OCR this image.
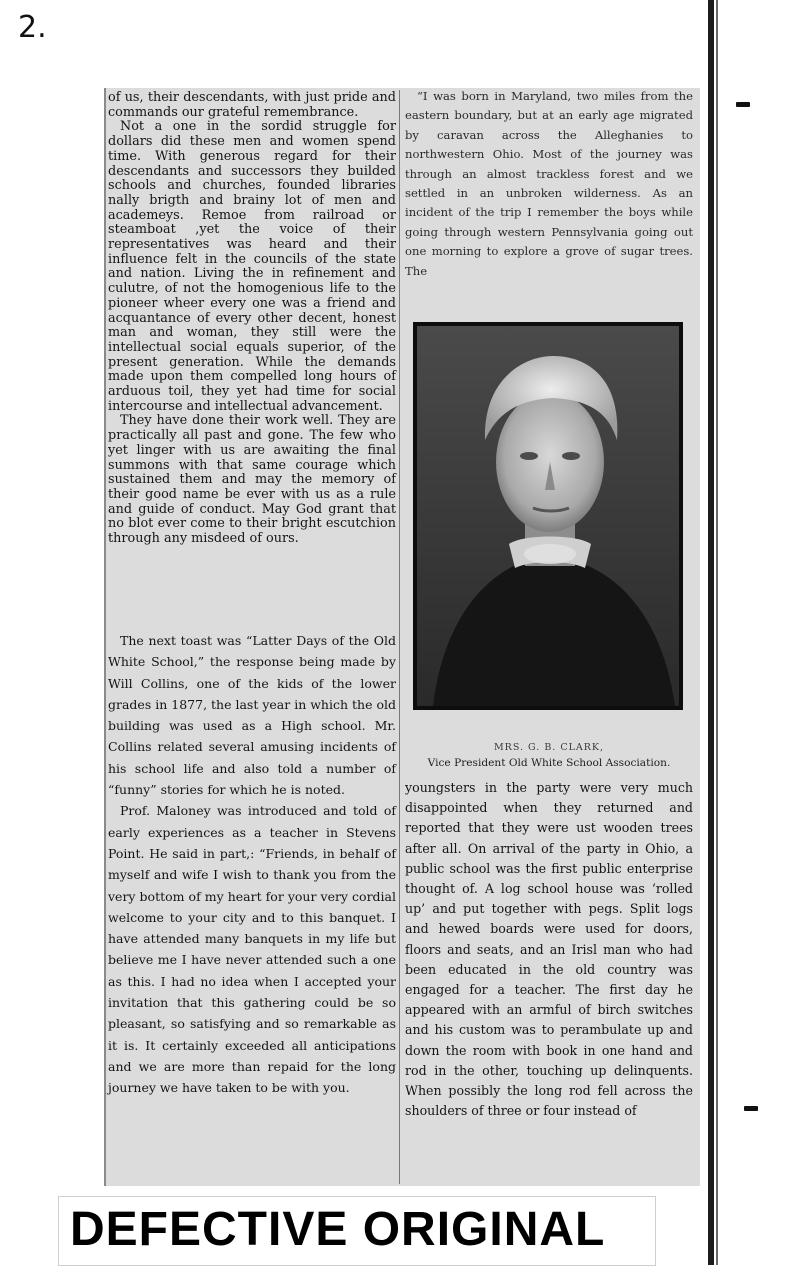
2.

of us, their descendants, with just pride and commands our grateful remembrance.

Not a one in the sordid struggle for dollars did these men and women spend time. With generous regard for their descendants and successors they builded schools and churches, founded libraries nally brigth and brainy lot of men and academeys. Remoe from railroad or steamboat ,yet the voice of their representatives was heard and their influence felt in the councils of the state and nation. Living the in refinement and culutre, of not the homogenious life to the pioneer wheer every one was a friend and acquantance of every other decent, honest man and woman, they still were the intellectual social equals superior, of the present generation. While the demands made upon them compelled long hours of arduous toil, they yet had time for social intercourse and intellectual advancement.

They have done their work well. They are practically all past and gone. The few who yet linger with us are awaiting the final summons with that same courage which sustained them and may the memory of their good name be ever with us as a rule and guide of conduct. May God grant that no blot ever come to their bright escutchion through any misdeed of ours.

The next toast was “Latter Days of the Old White School,” the response being made by Will Collins, one of the kids of the lower grades in 1877, the last year in which the old building was used as a High school. Mr. Collins related several amusing incidents of his school life and also told a number of “funny” stories for which he is noted.

Prof. Maloney was introduced and told of early experiences as a teacher in Stevens Point. He said in part,: “Friends, in behalf of myself and wife I wish to thank you from the very bottom of my heart for your very cordial welcome to your city and to this banquet. I have attended many banquets in my life but believe me I have never attended such a one as this. I had no idea when I accepted your invitation that this gathering could be so pleasant, so satisfying and so remarkable as it is. It certainly exceeded all anticipations and we are more than repaid for the long journey we have taken to be with you.

“I was born in Maryland, two miles from the eastern boundary, but at an early age migrated by caravan across the Alleghanies to northwestern Ohio. Most of the journey was through an almost trackless forest and we settled in an unbroken wilderness. As an incident of the trip I remember the boys while going through western Pennsylvania going out one morning to explore a grove of sugar trees. The

MRS. G. B. CLARK,
Vice President Old White School Association.

youngsters in the party were very much disappointed when they returned and reported that they were ust wooden trees after all. On arrival of the party in Ohio, a public school was the first public enterprise thought of. A log school house was ‘rolled up’ and put together with pegs. Split logs and hewed boards were used for doors, floors and seats, and an Irisl man who had been educated in the old country was engaged for a teacher. The first day he appeared with an armful of birch switches and his custom was to perambulate up and down the room with book in one hand and rod in the other, touching up delinquents. When possibly the long rod fell across the shoulders of three or four instead of

DEFECTIVE ORIGINAL
